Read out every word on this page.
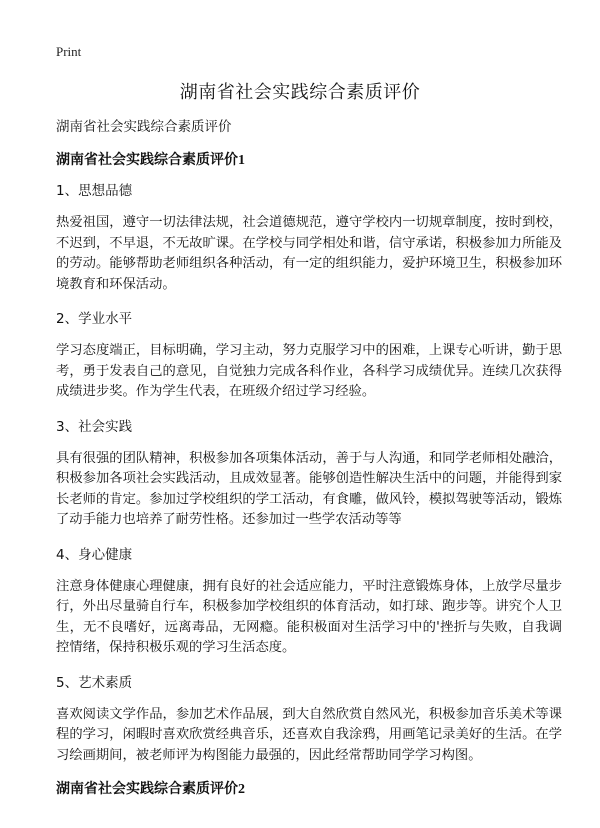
Print
湖南省社会实践综合素质评价

湖南省社会实践综合素质评价

湖南省社会实践综合素质评价1
1、思想品德

热爱祖国，遵守一切法律法规，社会道德规范，遵守学校内一切规章制度，按时到校，不迟到，不早退，不无故旷课。在学校与同学相处和谐，信守承诺，积极参加力所能及的劳动。能够帮助老师组织各种活动，有一定的组织能力，爱护环境卫生，积极参加环境教育和环保活动。

2、学业水平

学习态度端正，目标明确，学习主动，努力克服学习中的困难，上课专心听讲，勤于思考，勇于发表自己的意见，自觉独力完成各科作业，各科学习成绩优异。连续几次获得成绩进步奖。作为学生代表，在班级介绍过学习经验。

3、社会实践

具有很强的团队精神，积极参加各项集体活动，善于与人沟通，和同学老师相处融洽，积极参加各项社会实践活动，且成效显著。能够创造性解决生活中的问题，并能得到家长老师的肯定。参加过学校组织的学工活动，有食雕，做风铃，模拟驾驶等活动，锻炼了动手能力也培养了耐劳性格。还参加过一些学农活动等等

4、身心健康

注意身体健康心理健康，拥有良好的社会适应能力，平时注意锻炼身体，上放学尽量步行，外出尽量骑自行车，积极参加学校组织的体育活动，如打球、跑步等。讲究个人卫生，无不良嗜好，远离毒品，无网瘾。能积极面对生活学习中的'挫折与失败，自我调控情绪，保持积极乐观的学习生活态度。

5、艺术素质

喜欢阅读文学作品，参加艺术作品展，到大自然欣赏自然风光，积极参加音乐美术等课程的学习，闲暇时喜欢欣赏经典音乐，还喜欢自我涂鸦，用画笔记录美好的生活。在学习绘画期间，被老师评为构图能力最强的，因此经常帮助同学学习构图。

湖南省社会实践综合素质评价2
